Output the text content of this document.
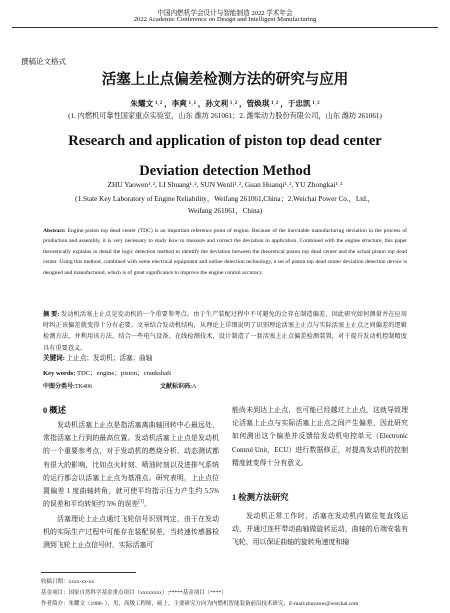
中国内燃机学会设计与智能制造 2022 学术年会
2022 Academic Conference on Design and Intelligent Manufacturing
撰稿论文格式
活塞上止点偏差检测方法的研究与应用
朱耀文 ¹˒² ，李爽 ¹˒² ，孙文利 ¹˒² ，管焕琪 ¹˒² ，于忠凯 ¹˒²
(1. 内燃机可靠性国家重点实验室，山东 潍坊 261061；2. 潍柴动力股份有限公司，山东 潍坊 261061)
Research and application of piston top dead center
Deviation detection Method
ZHU Yaowen¹˒², LI Shuang¹˒², SUN Wenli¹˒², Guan Huanqi¹˒², YU Zhongkai¹˒²
(1.State Key Laboratory of Engine Reliability，Weifang 261061,China；2.Weichai Power Co.，Ltd.，
Weifang 261061，China)
Abstract: Engine piston top dead center (TDC) is an important reference point of engine. Because of the inevitable manufacturing deviation in the process of production and assembly, it is very necessary to study how to measure and correct the deviation in application. Combined with the engine structure, this paper theoretically explains in detail the logic detection method to identify the deviation between the theoretical piston top dead center and the actual piston top dead center. Using this method, combined with some electrical equipment and online detection technology, a set of piston top dead center deviation detection device is designed and manufactured, which is of great significance to improve the engine control accuracy.
摘 要: 发动机活塞上止点是发动机的一个重要参考点，由于生产装配过程中不可避免的会存在制造偏差，因此研究如何测量并在应用时纠正该偏差就变得十分有必要。文章结合发动机结构，从理论上详细说明了识别理论活塞上止点与实际活塞上止点之间偏差的逻辑检测方法，并利用该方法，结合一些电气设备、在线检测技术，设计制造了一套活塞上止点偏差检测装置，对于提升发动机控制精度具有重要意义。
关键词: 上止点；发动机；活塞；曲轴
Key words: TDC；engine；piston；crankshaft
中图分类号:TK406	文献标识码:A
0 概述
发动机活塞上止点是指活塞离曲轴回转中心最远处，常指活塞上行到的最高位置。发动机活塞上止点是发动机的一个重要参考点，对于发动机的燃烧分析、动态测试都有很大的影响，比如点火时刻、喷油时刻以及进排气系统的运行都会以活塞上止点为基准点。研究表明，上止点位置偏差 1 度曲轴转角，就可使平均指示压力产生约 5.5% 的误差和平均转矩约 5% 的误差[1]。
活塞理论上止点通过飞轮信号识别判定，由于在发动机的实际生产过程中可能存在装配误差，当转速传感器检测到飞轮上止点信号时，实际活塞可
能尚未到达上止点，也可能已经越过上止点，这就导致理论活塞上止点与实际活塞上止点之间产生偏差，因此研究如何测出这个偏差并反馈给发动机电控单元（Electronic Control Unit，ECU）进行数据修正，对提高发动机的控制精度就变得十分有意义。
1 检测方法研究
发动机正常工作时，活塞在发动机内做往复直线运动，并通过连杆带动曲轴做旋转运动，曲轴的后端安装有飞轮，用以保证曲轴的旋转角速度和输
收稿日期：xxxx-xx-xx
基金项目：国家自然科学基金重点项目（xxxxxxxx）;*****基金项目（****）
作者简介：朱耀文（1986- ），男，高级工程师，硕士，主要研究方向为内燃机智能装备前沿技术研究，E-mail:zhuyaow@weichai.com
